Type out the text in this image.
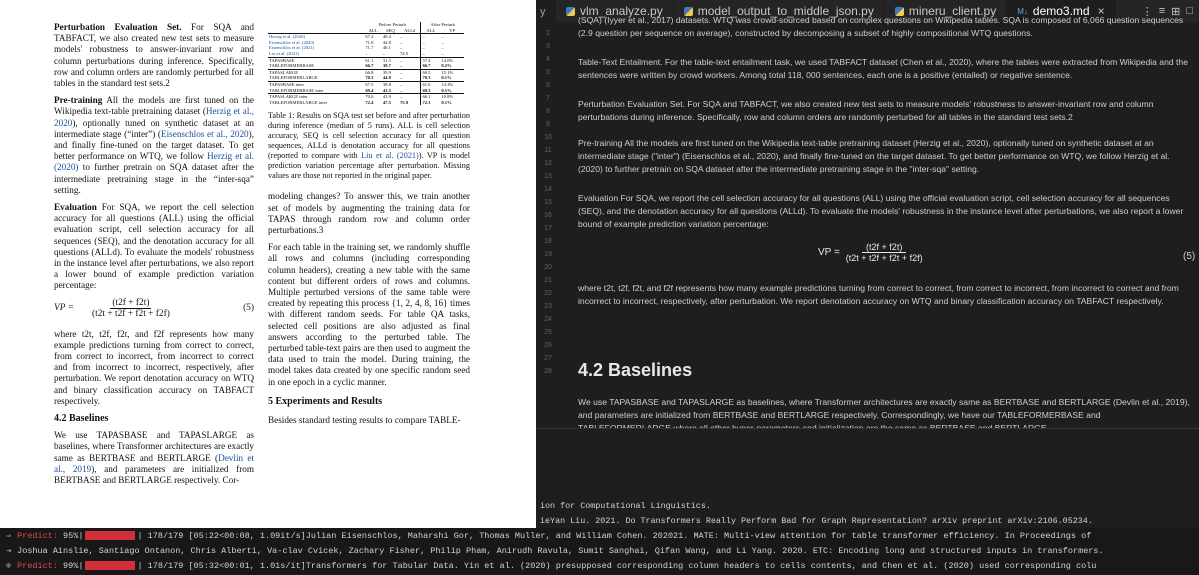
Perturbation Evaluation Set. For SQA and TABFACT, we also created new test sets to measure models' robustness to answer-invariant row and column perturbations during inference. Specifically, row and column orders are randomly perturbed for all tables in the standard test sets.2

Pre-training All the models are first tuned on the Wikipedia text-table pretraining dataset (Herzig et al., 2020), optionally tuned on synthetic dataset at an intermediate stage (“inter”) (Eisenschlos et al., 2020), and finally fine-tuned on the target dataset. To get better performance on WTQ, we follow Herzig et al. (2020) to further pretrain on SQA dataset after the intermediate pretraining stage in the “inter-sqa” setting.

Evaluation For SQA, we report the cell selection accuracy for all questions (ALL) using the official evaluation script, cell selection accuracy for all sequences (SEQ), and the denotation accuracy for all questions (ALLd). To evaluate the models' robustness in the instance level after perturbations, we also report a lower bound of example prediction variation percentage:

VP =	$\frac{(t2f + f2t)}{(t2t + t2f + f2t + f2f)}$	(5)

where t2t, t2f, f2t, and f2f represents how many example predictions turning from correct to correct, from correct to incorrect, from incorrect to correct and from incorrect to incorrect, respectively, after perturbation. We report denotation accuracy on WTQ and binary classification accuracy on TABFACT respectively.

4.2 Baselines

We use TAPASBASE and TAPASLARGE as baselines, where Transformer architectures are exactly same as BERTBASE and BERTLARGE (Devlin et al., 2019), and parameters are initialized from BERTBASE and BERTLARGE respectively. Cor-

	Before Perturb			After Perturb	
	ALL	SEQ	ALLd	ALL	VP
Herzig et al. (2020)	67.2	40.4	–	–	–
Eisenschlos et al. (2020)	71.0	44.8	–	–	–
Eisenschlos et al. (2021)	71.7	46.1	–	–	–
Liu et al. (2021)	–	–	74.5	–	–
TAPASBASE	61.1	31.3	–	57.4	14.0%
TABLEFORMERBASE	66.7	39.7	–	66.7	0.2%
TAPASLARGE	66.8	39.9	–	60.5	15.1%
TABLEFORMERLARGE	70.3	44.8	–	70.3	0.1%
TAPASBASE inter	67.5	38.8	–	61.0	14.3%
TABLEFORMERBASE inter	69.4	43.5	–	69.3	0.1%
TAPASLARGE inter	70.6	43.9	–	66.1	10.8%
TABLEFORMERLARGE inter	72.4	47.5	75.9	72.3	0.1%

Table 1: Results on SQA test set before and after perturbation during inference (median of 5 runs). ALL is cell selection accuracy, SEQ is cell selection accuracy for all question sequences, ALLd is denotation accuracy for all questions (reported to compare with Liu et al. (2021)). VP is model prediction variation percentage after perturbation. Missing values are those not reported in the original paper.

modeling changes? To answer this, we train another set of models by augmenting the training data for TAPAS through random row and column order perturbations.3

For each table in the training set, we randomly shuffle all rows and columns (including corresponding column headers), creating a new table with the same content but different orders of rows and columns. Multiple perturbed versions of the same table were created by repeating this process {1, 2, 4, 8, 16} times with different random seeds. For table QA tasks, selected cell positions are also adjusted as final answers according to the perturbed table. The perturbed table-text pairs are then used to augment the data used to train the model. During training, the model takes data created by one specific random seed in one epoch in a cyclic manner.

5 Experiments and Results

Besides standard testing results to compare TABLE-

y
2
3
4
5
6
7
8
9
10
11
12
13
14
15
16
17
18
19
20
21
22
23
24
25
26
27
28
vlm_analyze.py	model_output_to_middle_json.py	mineru_client.py	M↓ demo3.md ×	⋮ ≡ ⊞ □

(SQA) (Iyyer et al., 2017) datasets. WTQ was crowd-sourced based on complex questions on Wikipedia tables. SQA is composed of 6,066 question sequences (2.9 question per sequence on average), constructed by decomposing a subset of highly compositional WTQ questions.

Table-Text Entailment. For the table-text entailment task, we used TABFACT dataset (Chen et al., 2020), where the tables were extracted from Wikipedia and the sentences were written by crowd workers. Among total 118, 000 sentences, each one is a positive (entailed) or negative sentence.

Perturbation Evaluation Set. For SQA and TABFACT, we also created new test sets to measure models' robustness to answer-invariant row and column perturbations during inference. Specifically, row and column orders are randomly perturbed for all tables in the standard test sets.2

Pre-training All the models are first tuned on the Wikipedia text-table pretraining dataset (Herzig et al., 2020), optionally tuned on synthetic dataset at an intermediate stage ("inter") (Eisenschlos et al., 2020), and finally fine-tuned on the target dataset. To get better performance on WTQ, we follow Herzig et al. (2020) to further pretrain on SQA dataset after the intermediate pretraining stage in the "inter-sqa" setting.

Evaluation For SQA, we report the cell selection accuracy for all questions (ALL) using the official evaluation script, cell selection accuracy for all sequences (SEQ), and the denotation accuracy for all questions (ALLd). To evaluate the models' robustness in the instance level after perturbations, we also report a lower bound of example prediction variation percentage:

VP = $\frac{(t2f + f2t)}{(t2t + t2f + f2t + f2f)}$	(5)

where t2t, t2f, f2t, and f2f represents how many example predictions turning from correct to correct, from correct to incorrect, from incorrect to correct and from incorrect to incorrect, respectively, after perturbation. We report denotation accuracy on WTQ and binary classification accuracy on TABFACT respectively.

4.2 Baselines

We use TAPASBASE and TAPASLARGE as baselines, where Transformer architectures are exactly same as BERTBASE and BERTLARGE (Devlin et al., 2019), and parameters are initialized from BERTBASE and BERTLARGE respectively. Correspondingly, we have our TABLEFORMERBASE and

ion for Computational Linguistics.
ieYan Liu. 2021. Do Transformers Really Perform Bad for Graph Representation? arXiv preprint arXiv:2106.05234.
⇒ Predict: 95%|	| 178/179 [05:22<00:08, 1.09it/s]Julian Eisenschlos, Maharshi Gor, Thomas Muller, and William Cohen. 202021. MATE: Multi-view attention for table transformer efficiency. In Proceedings of
⇥ Joshua Ainslie, Santiago Ontanon, Chris Alberti, Va-clav Cvicek, Zachary Fisher, Philip Pham, Anirudh Ravula, Sumit Sanghai, Qifan Wang, and Li Yang. 2020. ETC: Encoding long and structured inputs in transformers.
⊕ Predict: 99%|	| 178/179 [05:32<00:01, 1.01s/it]Transformers for Tabular Data. Yin et al. (2020) presupposed corresponding column headers to cells contents, and Chen et al. (2020) used corresponding colu
